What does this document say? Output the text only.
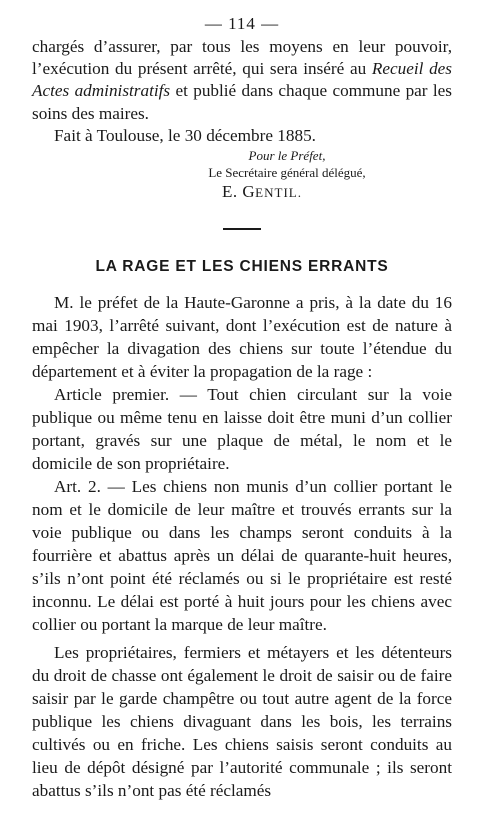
— 114 —

chargés d’assurer, par tous les moyens en leur pouvoir, l’exécution du présent arrêté, qui sera inséré au Recueil des Actes administratifs et publié dans chaque commune par les soins des maires.

Fait à Toulouse, le 30 décembre 1885.
Pour le Préfet,
Le Secrétaire général délégué,
E. GENTIL.
LA RAGE ET LES CHIENS ERRANTS

M. le préfet de la Haute-Garonne a pris, à la date du 16 mai 1903, l’arrêté suivant, dont l’exécution est de nature à empêcher la divagation des chiens sur toute l’étendue du département et à éviter la propagation de la rage :

Article premier. — Tout chien circulant sur la voie publique ou même tenu en laisse doit être muni d’un collier portant, gravés sur une plaque de métal, le nom et le domicile de son propriétaire.

Art. 2. — Les chiens non munis d’un collier portant le nom et le domicile de leur maître et trouvés errants sur la voie publique ou dans les champs seront conduits à la fourrière et abattus après un délai de quarante-huit heures, s’ils n’ont point été réclamés ou si le propriétaire est resté inconnu. Le délai est porté à huit jours pour les chiens avec collier ou portant la marque de leur maître.

Les propriétaires, fermiers et métayers et les détenteurs du droit de chasse ont également le droit de saisir ou de faire saisir par le garde champêtre ou tout autre agent de la force publique les chiens divaguant dans les bois, les terrains cultivés ou en friche. Les chiens saisis seront conduits au lieu de dépôt désigné par l’autorité communale ; ils seront abattus s’ils n’ont pas été réclamés
